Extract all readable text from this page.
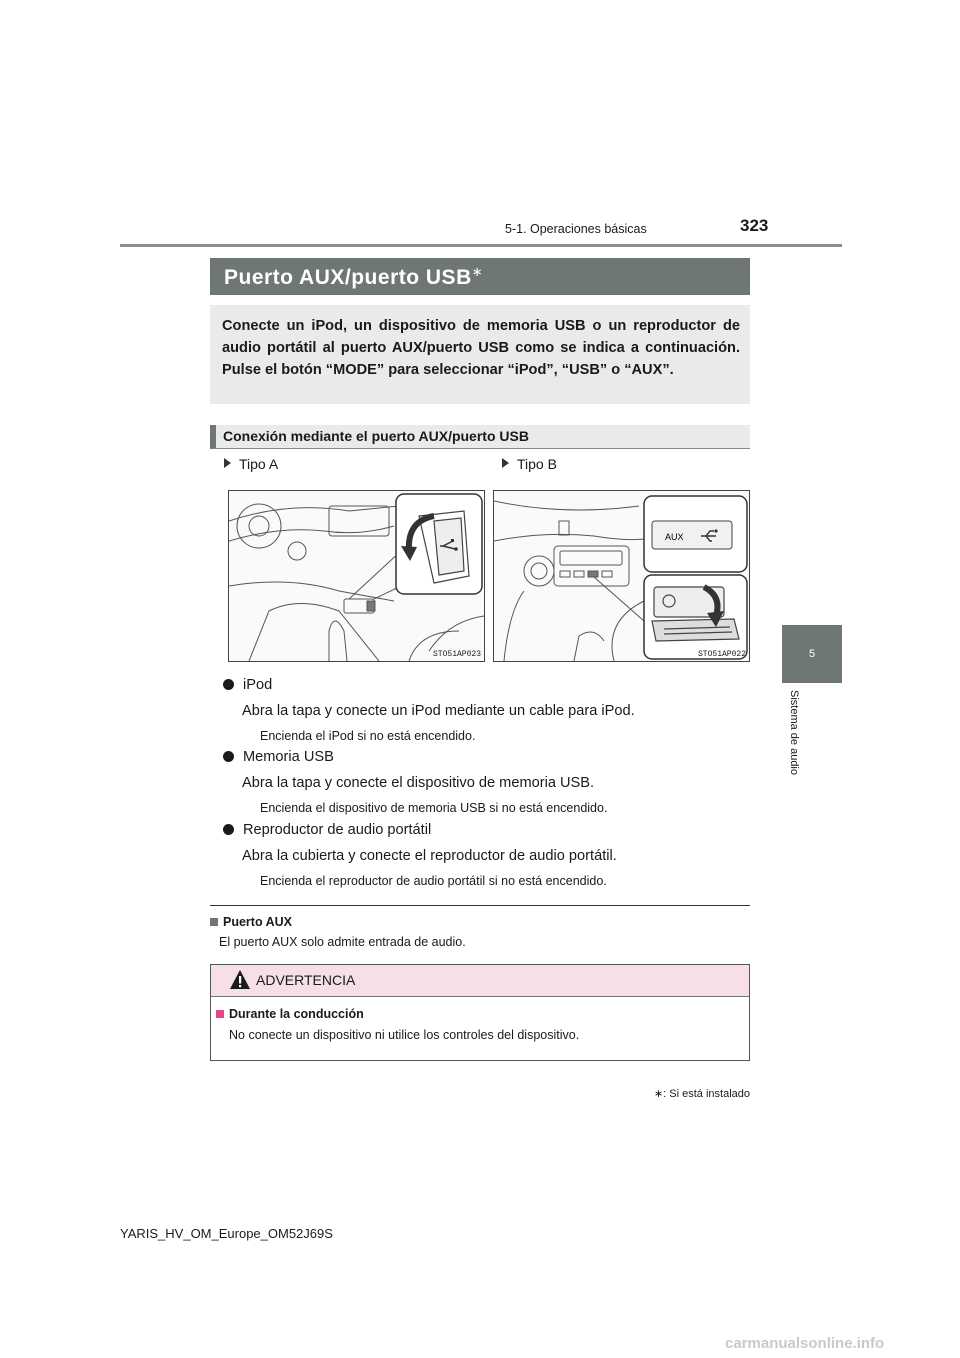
5-1. Operaciones básicas	323
5
Sistema de audio
Puerto AUX/puerto USB∗
Conecte un iPod, un dispositivo de memoria USB o un reproductor de audio portátil al puerto AUX/puerto USB como se indica a continuación. Pulse el botón “MODE” para seleccionar “iPod”, “USB” o “AUX”.
Conexión mediante el puerto AUX/puerto USB
Tipo A	Tipo B
STO51AP023
AUX
STO51AP022
iPod
Abra la tapa y conecte un iPod mediante un cable para iPod.
Encienda el iPod si no está encendido.
Memoria USB
Abra la tapa y conecte el dispositivo de memoria USB.
Encienda el dispositivo de memoria USB si no está encendido.
Reproductor de audio portátil
Abra la cubierta y conecte el reproductor de audio portátil.
Encienda el reproductor de audio portátil si no está encendido.
Puerto AUX
El puerto AUX solo admite entrada de audio.
ADVERTENCIA
Durante la conducción
No conecte un dispositivo ni utilice los controles del dispositivo.
∗: Si está instalado
YARIS_HV_OM_Europe_OM52J69S
carmanualsonline.info
